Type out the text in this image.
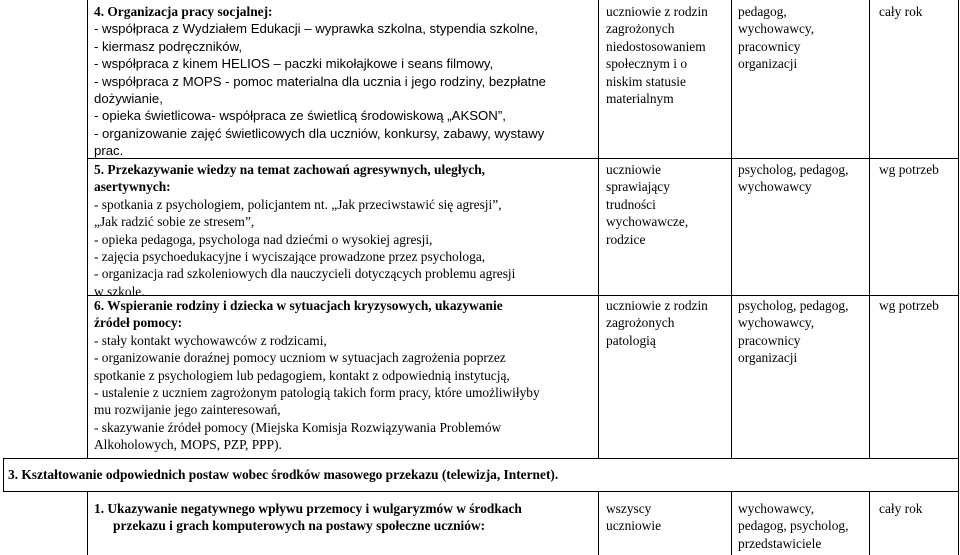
4. Organizacja pracy socjalnej:
- współpraca z Wydziałem Edukacji – wyprawka szkolna, stypendia szkolne,
- kiermasz podręczników,
- współpraca z kinem HELIOS – paczki mikołajkowe i seans filmowy,
- współpraca z MOPS - pomoc materialna dla ucznia i jego rodziny, bezpłatne
dożywianie,
- opieka świetlicowa- współpraca ze świetlicą środowiskową „AKSON”,
- organizowanie zajęć świetlicowych dla uczniów, konkursy, zabawy, wystawy
prac.
uczniowie z rodzin
zagrożonych
niedostosowaniem
społecznym i o
niskim statusie
materialnym
pedagog,
wychowawcy,
pracownicy
organizacji
cały rok
5. Przekazywanie wiedzy na temat zachowań agresywnych, uległych,
asertywnych:
- spotkania z psychologiem, policjantem nt. „Jak przeciwstawić się agresji”,
„Jak radzić sobie ze stresem”,
- opieka pedagoga, psychologa nad dziećmi o wysokiej agresji,
- zajęcia psychoedukacyjne i wyciszające prowadzone przez psychologa,
- organizacja rad szkoleniowych dla nauczycieli dotyczących problemu agresji
w szkole.
uczniowie
sprawiający
trudności
wychowawcze,
rodzice
psycholog, pedagog,
wychowawcy
wg potrzeb
6. Wspieranie rodziny i dziecka w sytuacjach kryzysowych, ukazywanie
źródeł pomocy:
- stały kontakt wychowawców z rodzicami,
- organizowanie doraźnej pomocy uczniom w sytuacjach zagrożenia poprzez
spotkanie z psychologiem lub pedagogiem, kontakt z odpowiednią instytucją,
- ustalenie z uczniem zagrożonym patologią takich form pracy, które umożliwiłyby
mu rozwijanie jego zainteresowań,
- skazywanie źródeł pomocy (Miejska Komisja Rozwiązywania Problemów
Alkoholowych, MOPS, PZP, PPP).
uczniowie z rodzin
zagrożonych
patologią
psycholog, pedagog,
wychowawcy,
pracownicy
organizacji
wg potrzeb
3. Kształtowanie odpowiednich postaw wobec środków masowego przekazu (telewizja, Internet).
1. Ukazywanie negatywnego wpływu przemocy i wulgaryzmów w środkach
przekazu i grach komputerowych na postawy społeczne uczniów:
wszyscy
uczniowie
wychowawcy,
pedagog, psycholog,
przedstawiciele
cały rok
